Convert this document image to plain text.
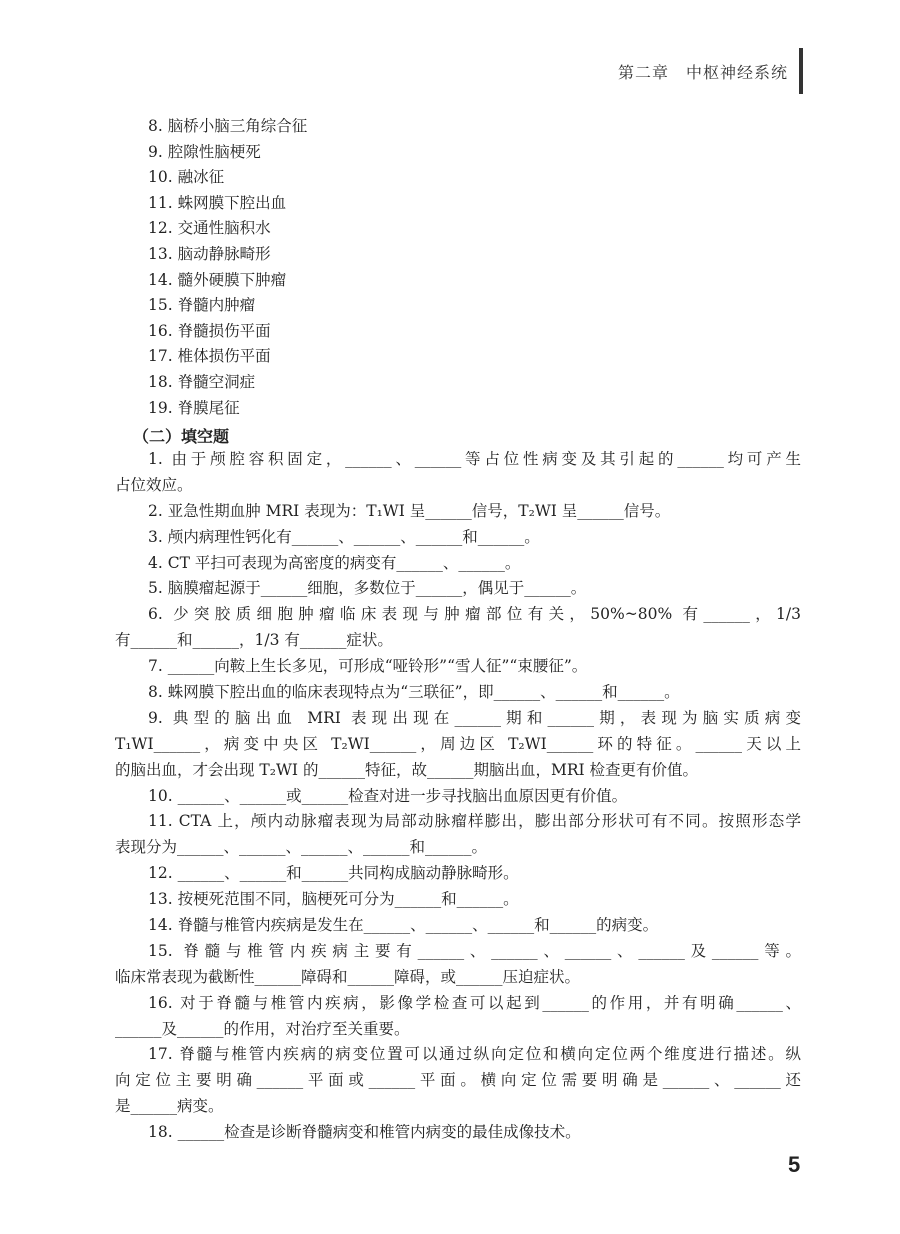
第二章　中枢神经系统
8. 脑桥小脑三角综合征
9. 腔隙性脑梗死
10. 融冰征
11. 蛛网膜下腔出血
12. 交通性脑积水
13. 脑动静脉畸形
14. 髓外硬膜下肿瘤
15. 脊髓内肿瘤
16. 脊髓损伤平面
17. 椎体损伤平面
18. 脊髓空洞症
19. 脊膜尾征
（二）填空题
1. 由于颅腔容积固定，______、______等占位性病变及其引起的______均可产生
占位效应。
2. 亚急性期血肿 MRI 表现为：T₁WI 呈______信号，T₂WI 呈______信号。
3. 颅内病理性钙化有______、______、______和______。
4. CT 平扫可表现为高密度的病变有______、______。
5. 脑膜瘤起源于______细胞，多数位于______，偶见于______。
6. 少突胶质细胞肿瘤临床表现与肿瘤部位有关，50%~80% 有______，1/3
有______和______，1/3 有______症状。
7. ______向鞍上生长多见，可形成“哑铃形”“雪人征”“束腰征”。
8. 蛛网膜下腔出血的临床表现特点为“三联征”，即______、______和______。
9. 典型的脑出血 MRI 表现出现在______期和______期，表现为脑实质病变
T₁WI______，病变中央区 T₂WI______，周边区 T₂WI______环的特征。______天以上
的脑出血，才会出现 T₂WI 的______特征，故______期脑出血，MRI 检查更有价值。
10. ______、______或______检查对进一步寻找脑出血原因更有价值。
11. CTA 上，颅内动脉瘤表现为局部动脉瘤样膨出，膨出部分形状可有不同。按照形态学
表现分为______、______、______、______和______。
12. ______、______和______共同构成脑动静脉畸形。
13. 按梗死范围不同，脑梗死可分为______和______。
14. 脊髓与椎管内疾病是发生在______、______、______和______的病变。
15. 脊髓与椎管内疾病主要有______、______、______、______及______等。
临床常表现为截断性______障碍和______障碍，或______压迫症状。
16. 对于脊髓与椎管内疾病，影像学检查可以起到______的作用，并有明确______、
______及______的作用，对治疗至关重要。
17. 脊髓与椎管内疾病的病变位置可以通过纵向定位和横向定位两个维度进行描述。纵
向定位主要明确______平面或______平面。横向定位需要明确是______、______还
是______病变。
18. ______检查是诊断脊髓病变和椎管内病变的最佳成像技术。
5
